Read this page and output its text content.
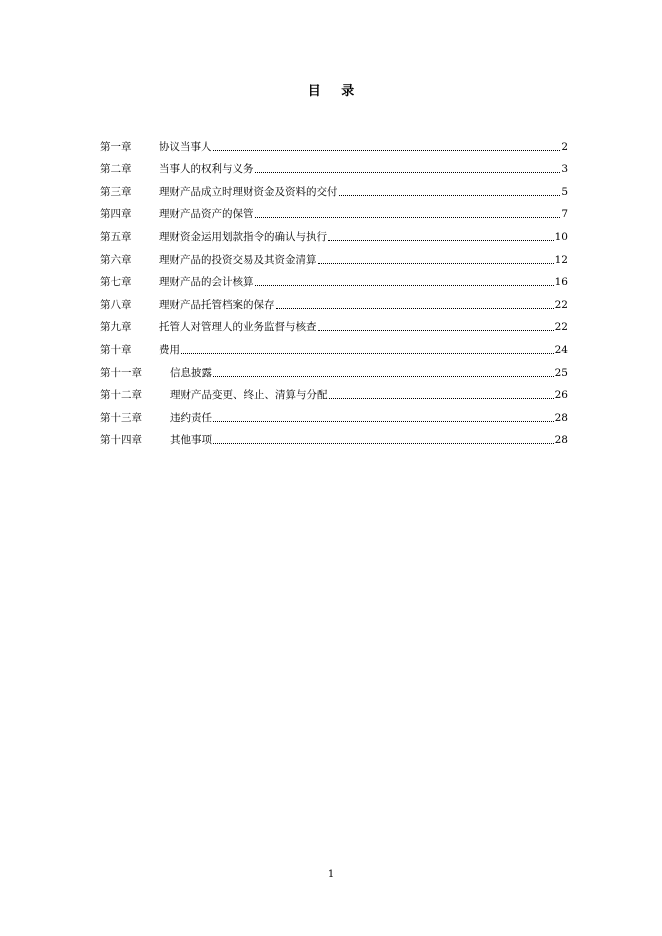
目 录
第一章	协议当事人	2
第二章	当事人的权利与义务	3
第三章	理财产品成立时理财资金及资料的交付	5
第四章	理财产品资产的保管	7
第五章	理财资金运用划款指令的确认与执行	10
第六章	理财产品的投资交易及其资金清算	12
第七章	理财产品的会计核算	16
第八章	理财产品托管档案的保存	22
第九章	托管人对管理人的业务监督与核查	22
第十章	费用	24
第十一章	信息披露	25
第十二章	理财产品变更、终止、清算与分配	26
第十三章	违约责任	28
第十四章	其他事项	28
1
